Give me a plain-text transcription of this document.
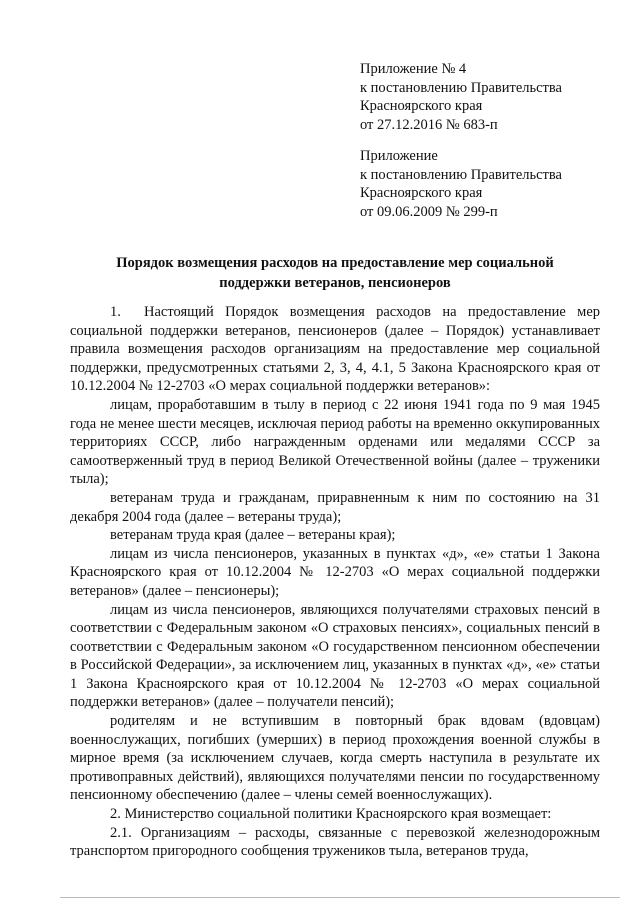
Приложение № 4
к постановлению Правительства
Красноярского края
от 27.12.2016 № 683-п
Приложение
к постановлению Правительства
Красноярского края
от 09.06.2009 № 299-п
Порядок возмещения расходов на предоставление мер социальной
поддержки ветеранов, пенсионеров

1. Настоящий Порядок возмещения расходов на предоставление мер социальной поддержки ветеранов, пенсионеров (далее – Порядок) устанавливает правила возмещения расходов организациям на предоставление мер социальной поддержки, предусмотренных статьями 2, 3, 4, 4.1, 5 Закона Красноярского края от 10.12.2004 № 12-2703 «О мерах социальной поддержки ветеранов»:

лицам, проработавшим в тылу в период с 22 июня 1941 года по 9 мая 1945 года не менее шести месяцев, исключая период работы на временно оккупированных территориях СССР, либо награжденным орденами или медалями СССР за самоотверженный труд в период Великой Отечественной войны (далее – труженики тыла);

ветеранам труда и гражданам, приравненным к ним по состоянию на 31 декабря 2004 года (далее – ветераны труда);

ветеранам труда края (далее – ветераны края);

лицам из числа пенсионеров, указанных в пунктах «д», «е» статьи 1 Закона Красноярского края от 10.12.2004 № 12-2703 «О мерах социальной поддержки ветеранов» (далее – пенсионеры);

лицам из числа пенсионеров, являющихся получателями страховых пенсий в соответствии с Федеральным законом «О страховых пенсиях», социальных пенсий в соответствии с Федеральным законом «О государственном пенсионном обеспечении в Российской Федерации», за исключением лиц, указанных в пунктах «д», «е» статьи 1 Закона Красноярского края от 10.12.2004 № 12-2703 «О мерах социальной поддержки ветеранов» (далее – получатели пенсий);

родителям и не вступившим в повторный брак вдовам (вдовцам) военнослужащих, погибших (умерших) в период прохождения военной службы в мирное время (за исключением случаев, когда смерть наступила в результате их противоправных действий), являющихся получателями пенсии по государственному пенсионному обеспечению (далее – члены семей военнослужащих).

2. Министерство социальной политики Красноярского края возмещает:

2.1. Организациям – расходы, связанные с перевозкой железнодорожным транспортом пригородного сообщения тружеников тыла, ветеранов труда,
